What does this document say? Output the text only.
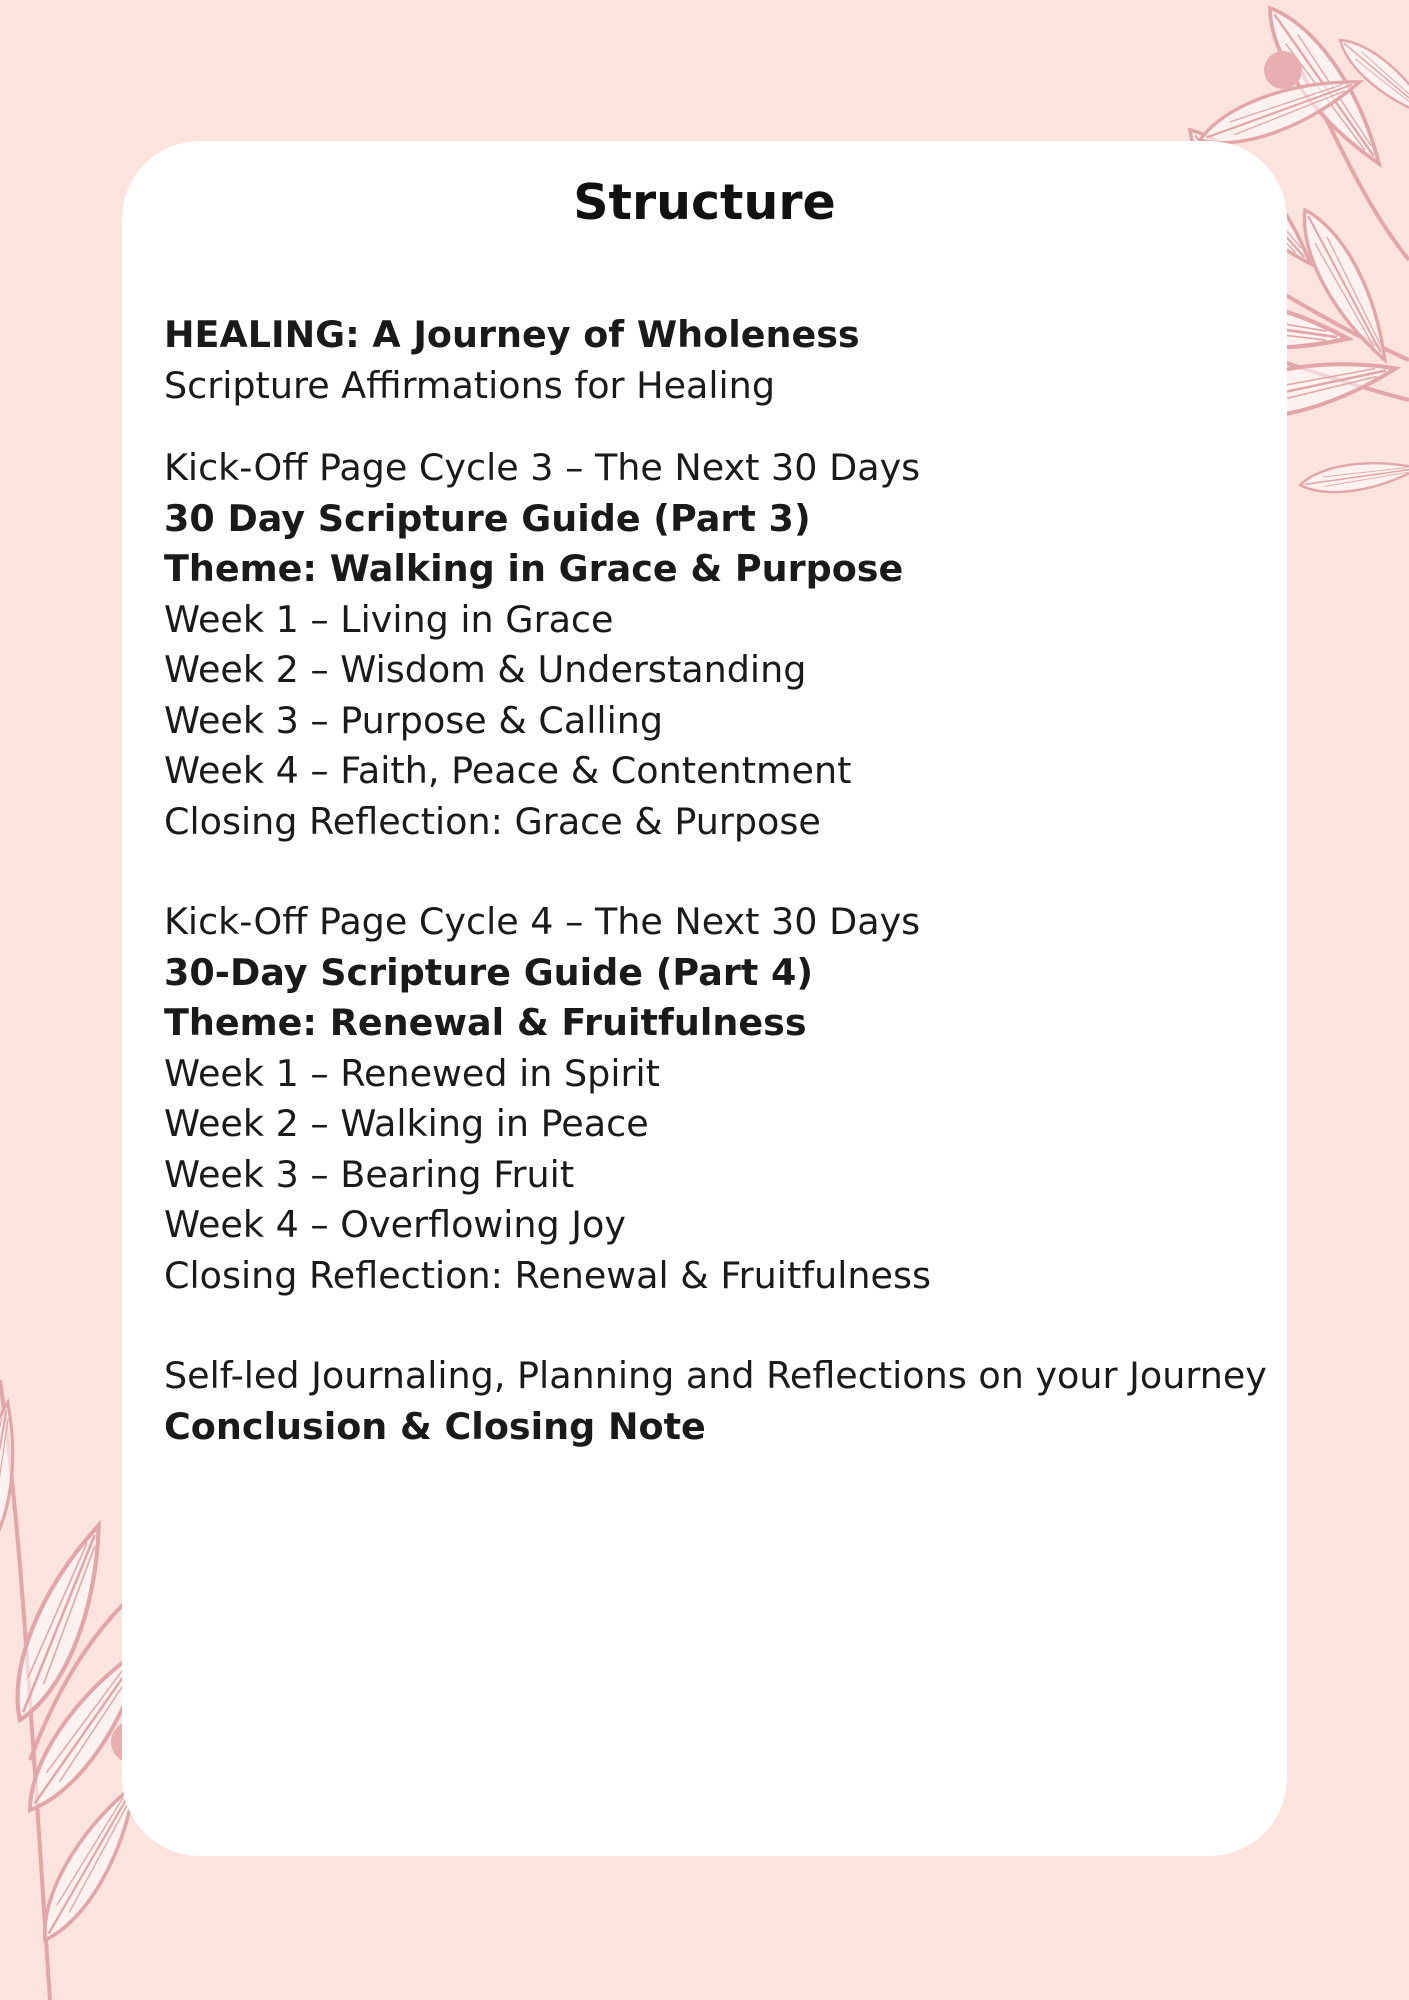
Structure

HEALING: A Journey of Wholeness

Scripture Affirmations for Healing

Kick-Off Page Cycle 3 – The Next 30 Days

30 Day Scripture Guide (Part 3)

Theme: Walking in Grace & Purpose

Week 1 – Living in Grace

Week 2 – Wisdom & Understanding

Week 3 – Purpose & Calling

Week 4 – Faith, Peace & Contentment

Closing Reflection: Grace & Purpose

Kick-Off Page Cycle 4 – The Next 30 Days

30-Day Scripture Guide (Part 4)

Theme: Renewal & Fruitfulness

Week 1 – Renewed in Spirit

Week 2 – Walking in Peace

Week 3 – Bearing Fruit

Week 4 – Overflowing Joy

Closing Reflection: Renewal & Fruitfulness

Self-led Journaling, Planning and Reflections on your Journey

Conclusion & Closing Note
